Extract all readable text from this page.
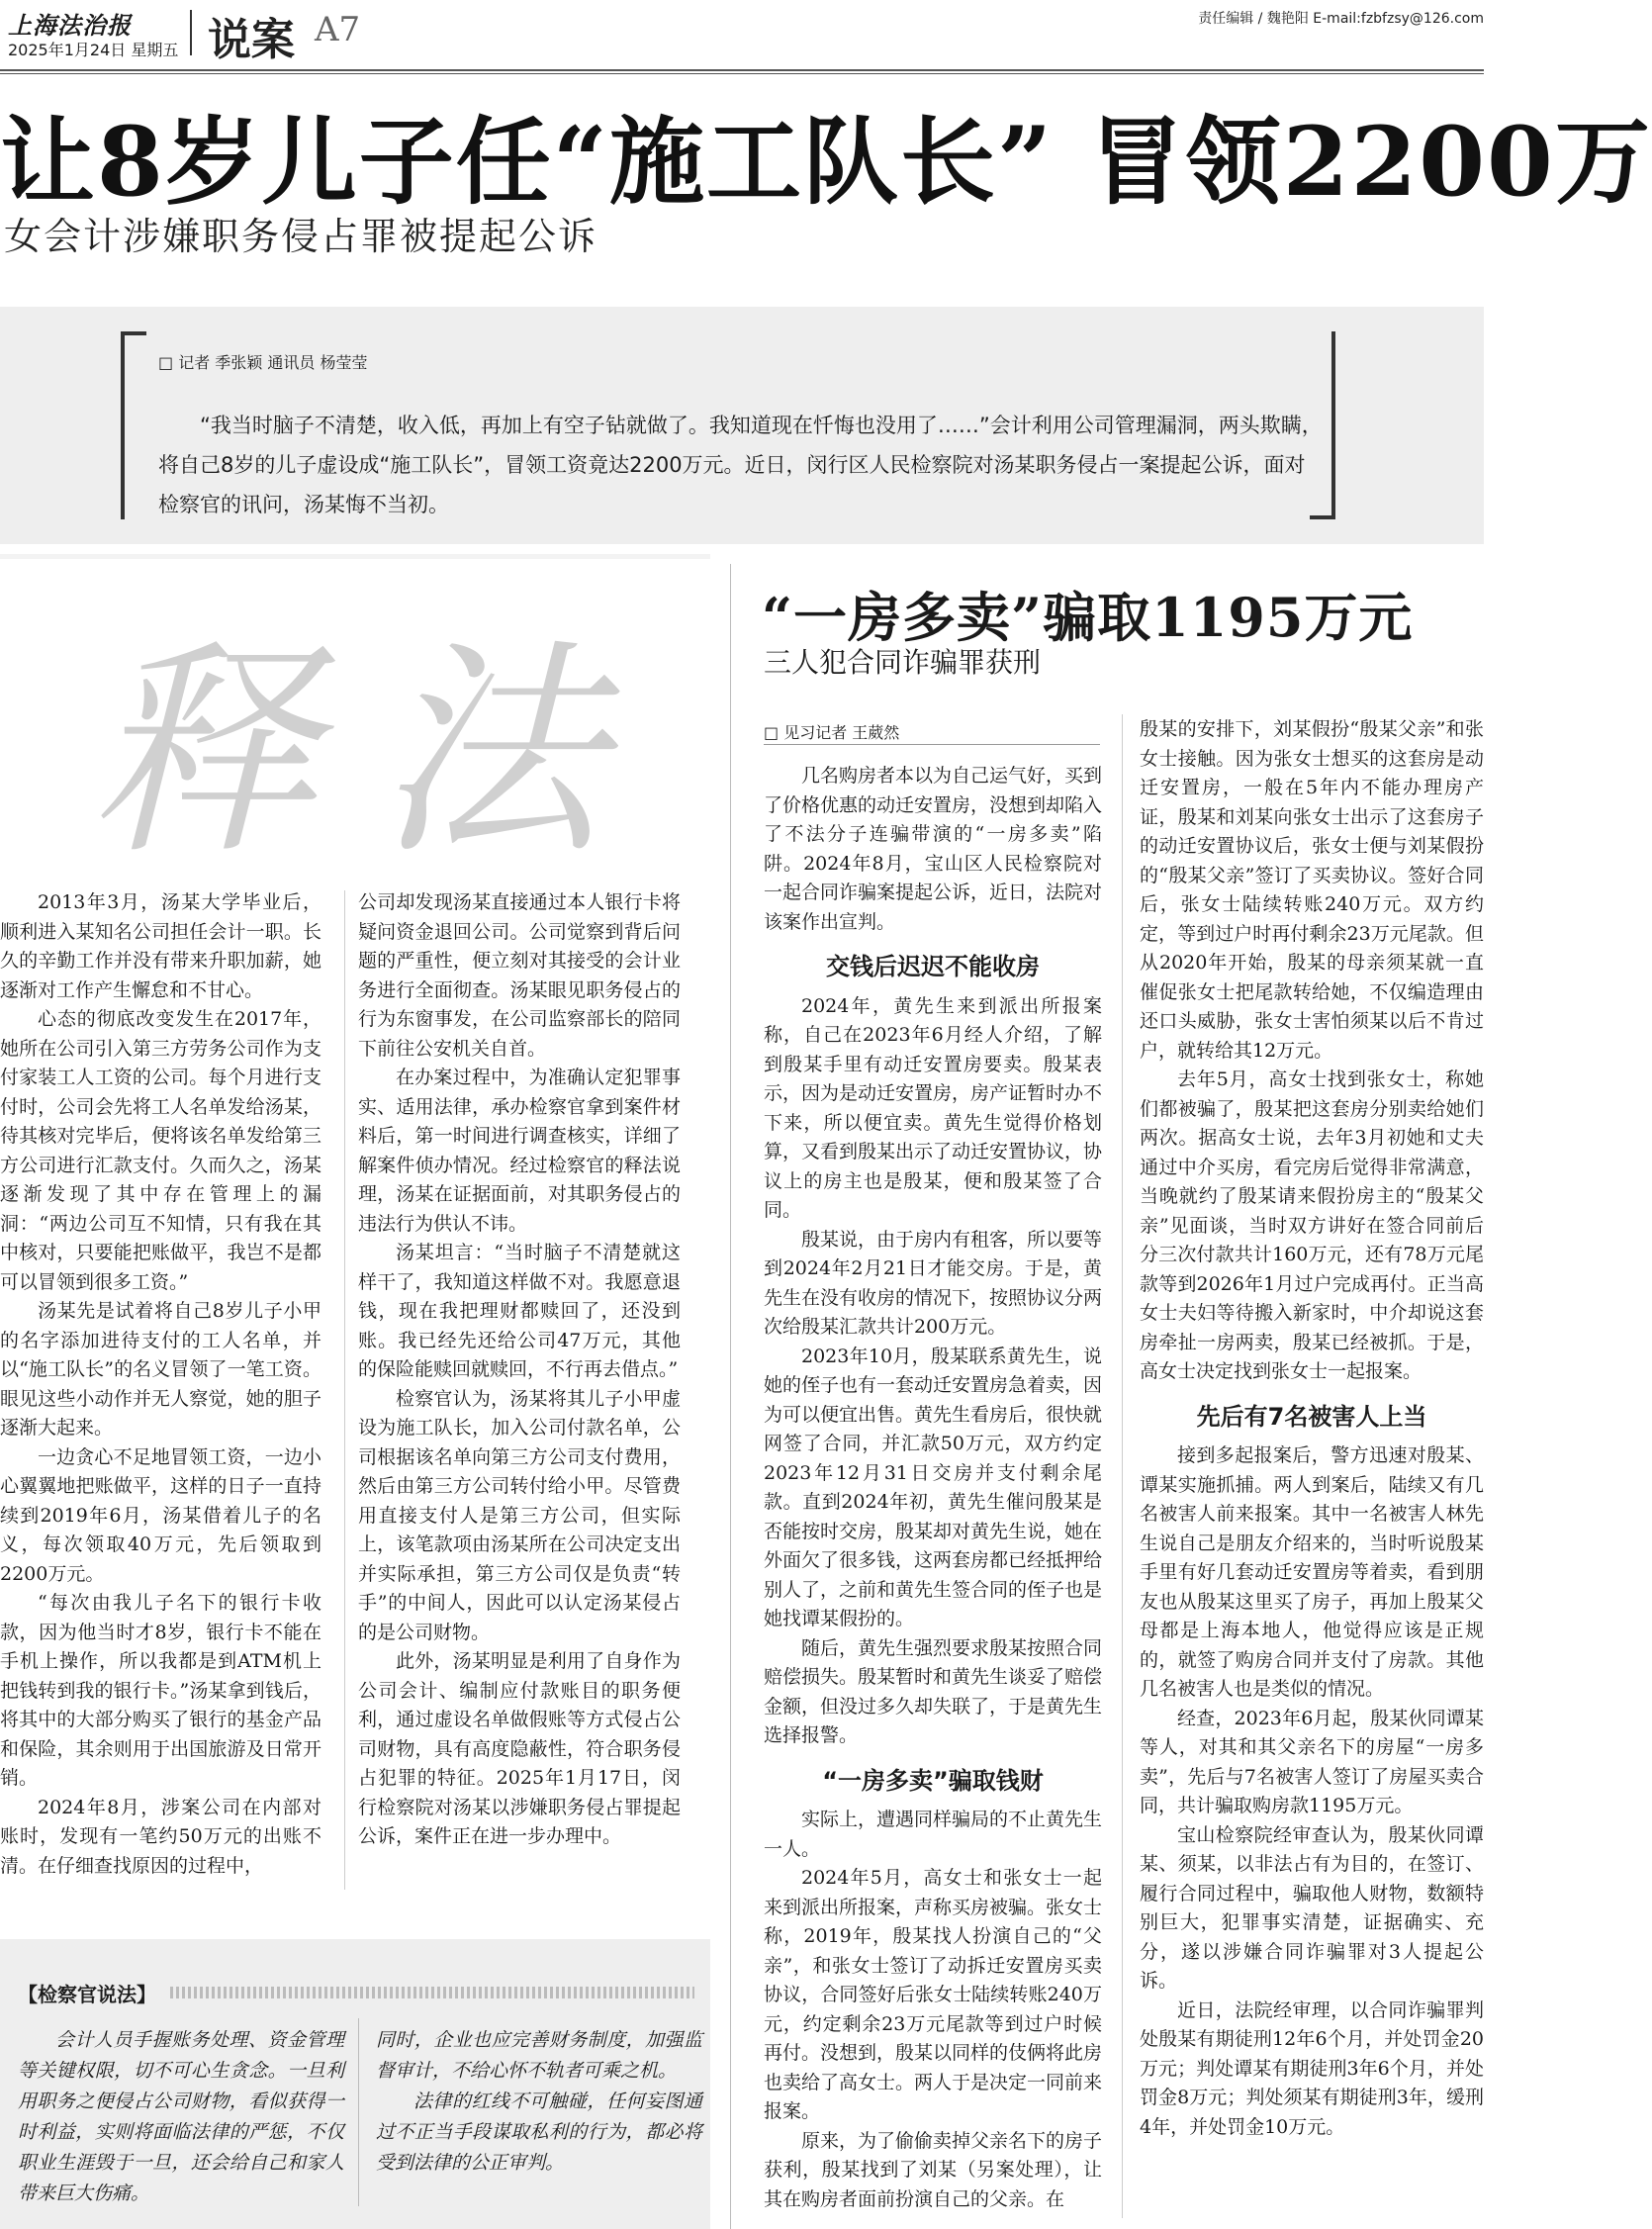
上海法治报
2025年1月24日 星期五 说案 A7	责任编辑 / 魏艳阳 E-mail:fzbfzsy@126.com
让8岁儿子任“施工队长” 冒领2200万
女会计涉嫌职务侵占罪被提起公诉
□ 记者 季张颖 通讯员 杨莹莹
“我当时脑子不清楚，收入低，再加上有空子钻就做了。我知道现在忏悔也没用了……”会计利用公司管理漏洞，两头欺瞒，将自己8岁的儿子虚设成“施工队长”，冒领工资竟达2200万元。近日，闵行区人民检察院对汤某职务侵占一案提起公诉，面对检察官的讯问，汤某悔不当初。
释法

2013年3月，汤某大学毕业后，顺利进入某知名公司担任会计一职。长久的辛勤工作并没有带来升职加薪，她逐渐对工作产生懈怠和不甘心。

心态的彻底改变发生在2017年，她所在公司引入第三方劳务公司作为支付家装工人工资的公司。每个月进行支付时，公司会先将工人名单发给汤某，待其核对完毕后，便将该名单发给第三方公司进行汇款支付。久而久之，汤某逐渐发现了其中存在管理上的漏洞：“两边公司互不知情，只有我在其中核对，只要能把账做平，我岂不是都可以冒领到很多工资。”

汤某先是试着将自己8岁儿子小甲的名字添加进待支付的工人名单，并以“施工队长”的名义冒领了一笔工资。眼见这些小动作并无人察觉，她的胆子逐渐大起来。

一边贪心不足地冒领工资，一边小心翼翼地把账做平，这样的日子一直持续到2019年6月，汤某借着儿子的名义，每次领取40万元，先后领取到2200万元。

“每次由我儿子名下的银行卡收款，因为他当时才8岁，银行卡不能在手机上操作，所以我都是到ATM机上把钱转到我的银行卡。”汤某拿到钱后，将其中的大部分购买了银行的基金产品和保险，其余则用于出国旅游及日常开销。

2024年8月，涉案公司在内部对账时，发现有一笔约50万元的出账不清。在仔细查找原因的过程中，

公司却发现汤某直接通过本人银行卡将疑问资金退回公司。公司觉察到背后问题的严重性，便立刻对其接受的会计业务进行全面彻查。汤某眼见职务侵占的行为东窗事发，在公司监察部长的陪同下前往公安机关自首。

在办案过程中，为准确认定犯罪事实、适用法律，承办检察官拿到案件材料后，第一时间进行调查核实，详细了解案件侦办情况。经过检察官的释法说理，汤某在证据面前，对其职务侵占的违法行为供认不讳。

汤某坦言：“当时脑子不清楚就这样干了，我知道这样做不对。我愿意退钱，现在我把理财都赎回了，还没到账。我已经先还给公司47万元，其他的保险能赎回就赎回，不行再去借点。”

检察官认为，汤某将其儿子小甲虚设为施工队长，加入公司付款名单，公司根据该名单向第三方公司支付费用，然后由第三方公司转付给小甲。尽管费用直接支付人是第三方公司，但实际上，该笔款项由汤某所在公司决定支出并实际承担，第三方公司仅是负责“转手”的中间人，因此可以认定汤某侵占的是公司财物。

此外，汤某明显是利用了自身作为公司会计、编制应付款账目的职务便利，通过虚设名单做假账等方式侵占公司财物，具有高度隐蔽性，符合职务侵占犯罪的特征。2025年1月17日，闵行检察院对汤某以涉嫌职务侵占罪提起公诉，案件正在进一步办理中。

【检察官说法】

会计人员手握账务处理、资金管理等关键权限，切不可心生贪念。一旦利用职务之便侵占公司财物，看似获得一时利益，实则将面临法律的严惩，不仅职业生涯毁于一旦，还会给自己和家人带来巨大伤痛。

同时，企业也应完善财务制度，加强监督审计，不给心怀不轨者可乘之机。

法律的红线不可触碰，任何妄图通过不正当手段谋取私利的行为，都必将受到法律的公正审判。

“一房多卖”骗取1195万元
三人犯合同诈骗罪获刑
□ 见习记者 王葳然

几名购房者本以为自己运气好，买到了价格优惠的动迁安置房，没想到却陷入了不法分子连骗带演的“一房多卖”陷阱。2024年8月，宝山区人民检察院对一起合同诈骗案提起公诉，近日，法院对该案作出宣判。

交钱后迟迟不能收房

2024年，黄先生来到派出所报案称，自己在2023年6月经人介绍，了解到殷某手里有动迁安置房要卖。殷某表示，因为是动迁安置房，房产证暂时办不下来，所以便宜卖。黄先生觉得价格划算，又看到殷某出示了动迁安置协议，协议上的房主也是殷某，便和殷某签了合同。

殷某说，由于房内有租客，所以要等到2024年2月21日才能交房。于是，黄先生在没有收房的情况下，按照协议分两次给殷某汇款共计200万元。

2023年10月，殷某联系黄先生，说她的侄子也有一套动迁安置房急着卖，因为可以便宜出售。黄先生看房后，很快就网签了合同，并汇款50万元，双方约定2023年12月31日交房并支付剩余尾款。直到2024年初，黄先生催问殷某是否能按时交房，殷某却对黄先生说，她在外面欠了很多钱，这两套房都已经抵押给别人了，之前和黄先生签合同的侄子也是她找谭某假扮的。

随后，黄先生强烈要求殷某按照合同赔偿损失。殷某暂时和黄先生谈妥了赔偿金额，但没过多久却失联了，于是黄先生选择报警。

“一房多卖”骗取钱财

实际上，遭遇同样骗局的不止黄先生一人。

2024年5月，高女士和张女士一起来到派出所报案，声称买房被骗。张女士称，2019年，殷某找人扮演自己的“父亲”，和张女士签订了动拆迁安置房买卖协议，合同签好后张女士陆续转账240万元，约定剩余23万元尾款等到过户时候再付。没想到，殷某以同样的伎俩将此房也卖给了高女士。两人于是决定一同前来报案。

原来，为了偷偷卖掉父亲名下的房子获利，殷某找到了刘某（另案处理），让其在购房者面前扮演自己的父亲。在

殷某的安排下，刘某假扮“殷某父亲”和张女士接触。因为张女士想买的这套房是动迁安置房，一般在5年内不能办理房产证，殷某和刘某向张女士出示了这套房子的动迁安置协议后，张女士便与刘某假扮的“殷某父亲”签订了买卖协议。签好合同后，张女士陆续转账240万元。双方约定，等到过户时再付剩余23万元尾款。但从2020年开始，殷某的母亲须某就一直催促张女士把尾款转给她，不仅编造理由还口头威胁，张女士害怕须某以后不肯过户，就转给其12万元。

去年5月，高女士找到张女士，称她们都被骗了，殷某把这套房分别卖给她们两次。据高女士说，去年3月初她和丈夫通过中介买房，看完房后觉得非常满意，当晚就约了殷某请来假扮房主的“殷某父亲”见面谈，当时双方讲好在签合同前后分三次付款共计160万元，还有78万元尾款等到2026年1月过户完成再付。正当高女士夫妇等待搬入新家时，中介却说这套房牵扯一房两卖，殷某已经被抓。于是，高女士决定找到张女士一起报案。

先后有7名被害人上当

接到多起报案后，警方迅速对殷某、谭某实施抓捕。两人到案后，陆续又有几名被害人前来报案。其中一名被害人林先生说自己是朋友介绍来的，当时听说殷某手里有好几套动迁安置房等着卖，看到朋友也从殷某这里买了房子，再加上殷某父母都是上海本地人，他觉得应该是正规的，就签了购房合同并支付了房款。其他几名被害人也是类似的情况。

经查，2023年6月起，殷某伙同谭某等人，对其和其父亲名下的房屋“一房多卖”，先后与7名被害人签订了房屋买卖合同，共计骗取购房款1195万元。

宝山检察院经审查认为，殷某伙同谭某、须某，以非法占有为目的，在签订、履行合同过程中，骗取他人财物，数额特别巨大，犯罪事实清楚，证据确实、充分，遂以涉嫌合同诈骗罪对3人提起公诉。

近日，法院经审理，以合同诈骗罪判处殷某有期徒刑12年6个月，并处罚金20万元；判处谭某有期徒刑3年6个月，并处罚金8万元；判处须某有期徒刑3年，缓刑4年，并处罚金10万元。
